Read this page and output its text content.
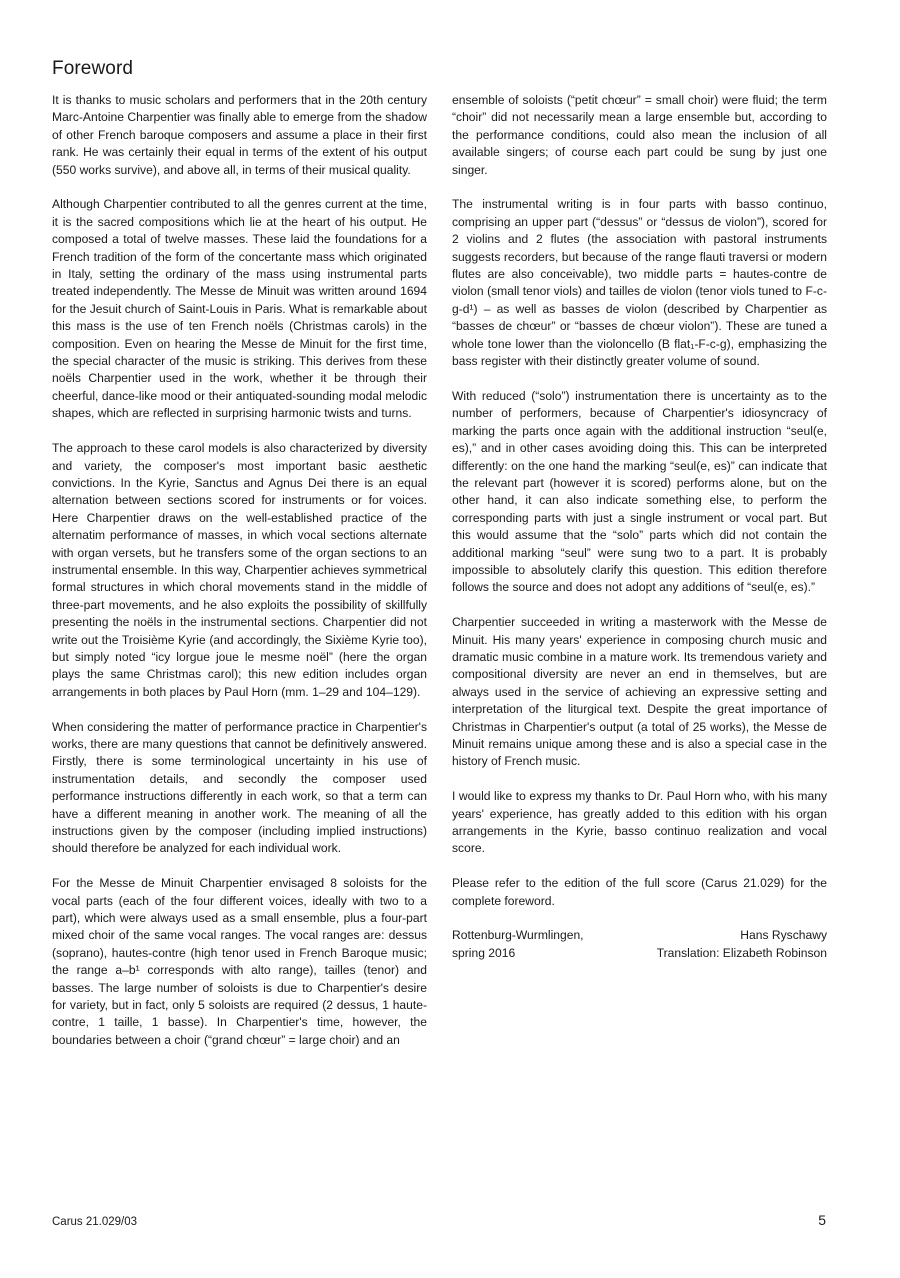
Foreword

It is thanks to music scholars and performers that in the 20th century Marc-Antoine Charpentier was finally able to emerge from the shadow of other French baroque composers and assume a place in their first rank. He was certainly their equal in terms of the extent of his output (550 works survive), and above all, in terms of their musical quality.

Although Charpentier contributed to all the genres current at the time, it is the sacred compositions which lie at the heart of his output. He composed a total of twelve masses. These laid the foundations for a French tradition of the form of the concertante mass which originated in Italy, setting the ordinary of the mass using instrumental parts treated independently. The Messe de Minuit was written around 1694 for the Jesuit church of Saint-Louis in Paris. What is remarkable about this mass is the use of ten French noëls (Christmas carols) in the composition. Even on hearing the Messe de Minuit for the first time, the special character of the music is striking. This derives from these noëls Charpentier used in the work, whether it be through their cheerful, dance-like mood or their antiquated-sounding modal melodic shapes, which are reflected in surprising harmonic twists and turns.

The approach to these carol models is also characterized by diversity and variety, the composer's most important basic aesthetic convictions. In the Kyrie, Sanctus and Agnus Dei there is an equal alternation between sections scored for instruments or for voices. Here Charpentier draws on the well-established practice of the alternatim performance of masses, in which vocal sections alternate with organ versets, but he transfers some of the organ sections to an instrumental ensemble. In this way, Charpentier achieves symmetrical formal structures in which choral movements stand in the middle of three-part movements, and he also exploits the possibility of skillfully presenting the noëls in the instrumental sections. Charpentier did not write out the Troisième Kyrie (and accordingly, the Sixième Kyrie too), but simply noted “icy lorgue joue le mesme noël” (here the organ plays the same Christmas carol); this new edition includes organ arrangements in both places by Paul Horn (mm. 1–29 and 104–129).

When considering the matter of performance practice in Charpentier's works, there are many questions that cannot be definitively answered. Firstly, there is some terminological uncertainty in his use of instrumentation details, and secondly the composer used performance instructions differently in each work, so that a term can have a different meaning in another work. The meaning of all the instructions given by the composer (including implied instructions) should therefore be analyzed for each individual work.

For the Messe de Minuit Charpentier envisaged 8 soloists for the vocal parts (each of the four different voices, ideally with two to a part), which were always used as a small ensemble, plus a four-part mixed choir of the same vocal ranges. The vocal ranges are: dessus (soprano), hautes-contre (high tenor used in French Baroque music; the range a–b¹ corresponds with alto range), tailles (tenor) and basses. The large number of soloists is due to Charpentier's desire for variety, but in fact, only 5 soloists are required (2 dessus, 1 haute-contre, 1 taille, 1 basse). In Charpentier's time, however, the boundaries between a choir (“grand chœur” = large choir) and an

ensemble of soloists (“petit chœur” = small choir) were fluid; the term “choir” did not necessarily mean a large ensemble but, according to the performance conditions, could also mean the inclusion of all available singers; of course each part could be sung by just one singer.

The instrumental writing is in four parts with basso continuo, comprising an upper part (“dessus” or “dessus de violon”), scored for 2 violins and 2 flutes (the association with pastoral instruments suggests recorders, but because of the range flauti traversi or modern flutes are also conceivable), two middle parts = hautes-contre de violon (small tenor viols) and tailles de violon (tenor viols tuned to F-c-g-d¹) – as well as basses de violon (described by Charpentier as “basses de chœur” or “basses de chœur violon”). These are tuned a whole tone lower than the violoncello (B flat₁-F-c-g), emphasizing the bass register with their distinctly greater volume of sound.

With reduced (“solo”) instrumentation there is uncertainty as to the number of performers, because of Charpentier's idiosyncracy of marking the parts once again with the additional instruction “seul(e, es),” and in other cases avoiding doing this. This can be interpreted differently: on the one hand the marking “seul(e, es)” can indicate that the relevant part (however it is scored) performs alone, but on the other hand, it can also indicate something else, to perform the corresponding parts with just a single instrument or vocal part. But this would assume that the “solo” parts which did not contain the additional marking “seul” were sung two to a part. It is probably impossible to absolutely clarify this question. This edition therefore follows the source and does not adopt any additions of “seul(e, es).”

Charpentier succeeded in writing a masterwork with the Messe de Minuit. His many years' experience in composing church music and dramatic music combine in a mature work. Its tremendous variety and compositional diversity are never an end in themselves, but are always used in the service of achieving an expressive setting and interpretation of the liturgical text. Despite the great importance of Christmas in Charpentier's output (a total of 25 works), the Messe de Minuit remains unique among these and is also a special case in the history of French music.

I would like to express my thanks to Dr. Paul Horn who, with his many years' experience, has greatly added to this edition with his organ arrangements in the Kyrie, basso continuo realization and vocal score.

Please refer to the edition of the full score (Carus 21.029) for the complete foreword.

Rottenburg-Wurmlingen,
spring 2016
Hans Ryschawy
Translation: Elizabeth Robinson
Carus 21.029/03	5
